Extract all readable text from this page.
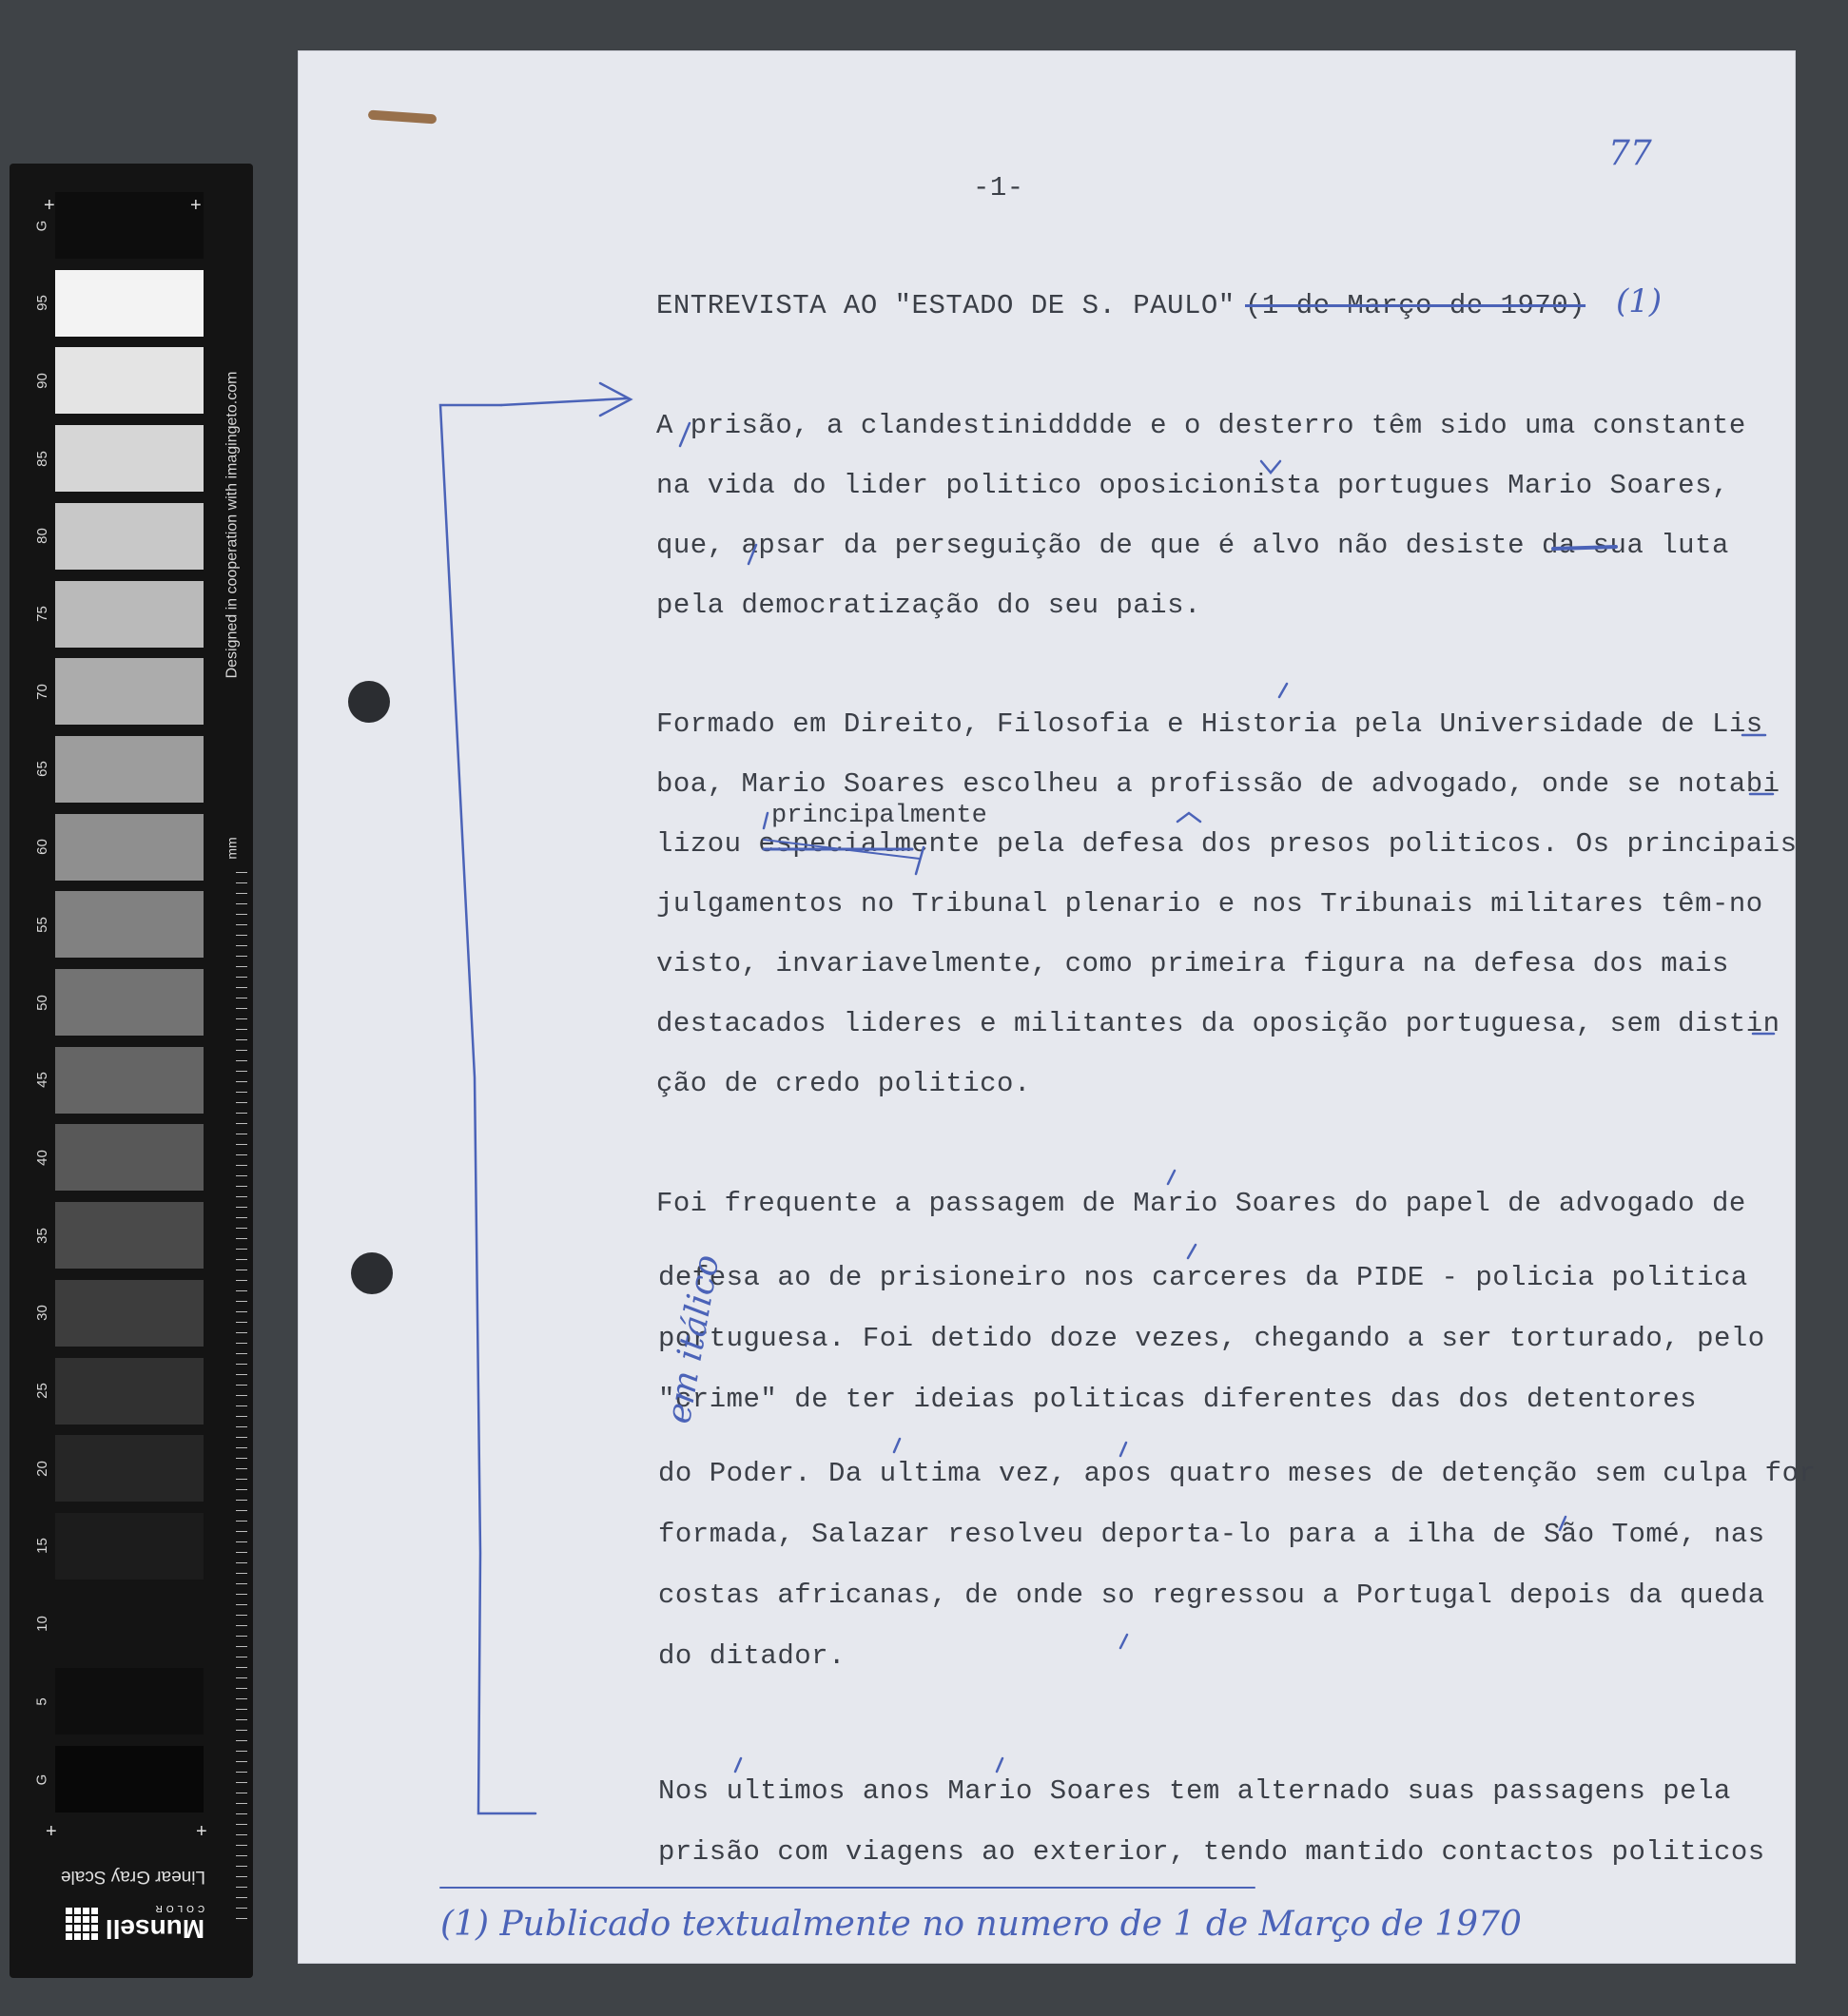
G
95
90
85
80
75
70
65
60
55
50
45
40
35
30
25
20
15
10
5
G
+	+
+	+
Designed in cooperation with imagingeto.com
mm
Linear Gray Scale
Munsell
COLOR
77
-1-
ENTREVISTA AO "ESTADO DE S. PAULO" (1 de Março de 1970) (1)
A prisão, a clandestinidddde e o desterro têm sido uma constante
na vida do lider politico oposicionista portugues Mario Soares,
que, apsar da perseguição de que é alvo não desiste da sua luta
pela democratização do seu pais.
Formado em Direito, Filosofia e Historia pela Universidade de Lis
boa, Mario Soares escolheu a profissão de advogado, onde se notabi
principalmente
lizou especialmente pela defesa dos presos politicos. Os principais
julgamentos no Tribunal plenario e nos Tribunais militares têm-no
visto, invariavelmente, como primeira figura na defesa dos mais
destacados lideres e militantes da oposição portuguesa, sem distin
ção de credo politico.
Foi frequente a passagem de Mario Soares do papel de advogado de
defesa ao de prisioneiro nos carceres da PIDE - policia politica
portuguesa. Foi detido doze vezes, chegando a ser torturado, pelo
"crime" de ter ideias politicas diferentes das dos detentores
do Poder. Da ultima vez, apos quatro meses de detenção sem culpa for
formada, Salazar resolveu deporta-lo para a ilha de São Tomé, nas
costas africanas, de onde so regressou a Portugal depois da queda
do ditador.
Nos ultimos anos Mario Soares tem alternado suas passagens pela
prisão com viagens ao exterior, tendo mantido contactos politicos
em itálico
(1) Publicado textualmente no numero de 1 de Março de 1970
